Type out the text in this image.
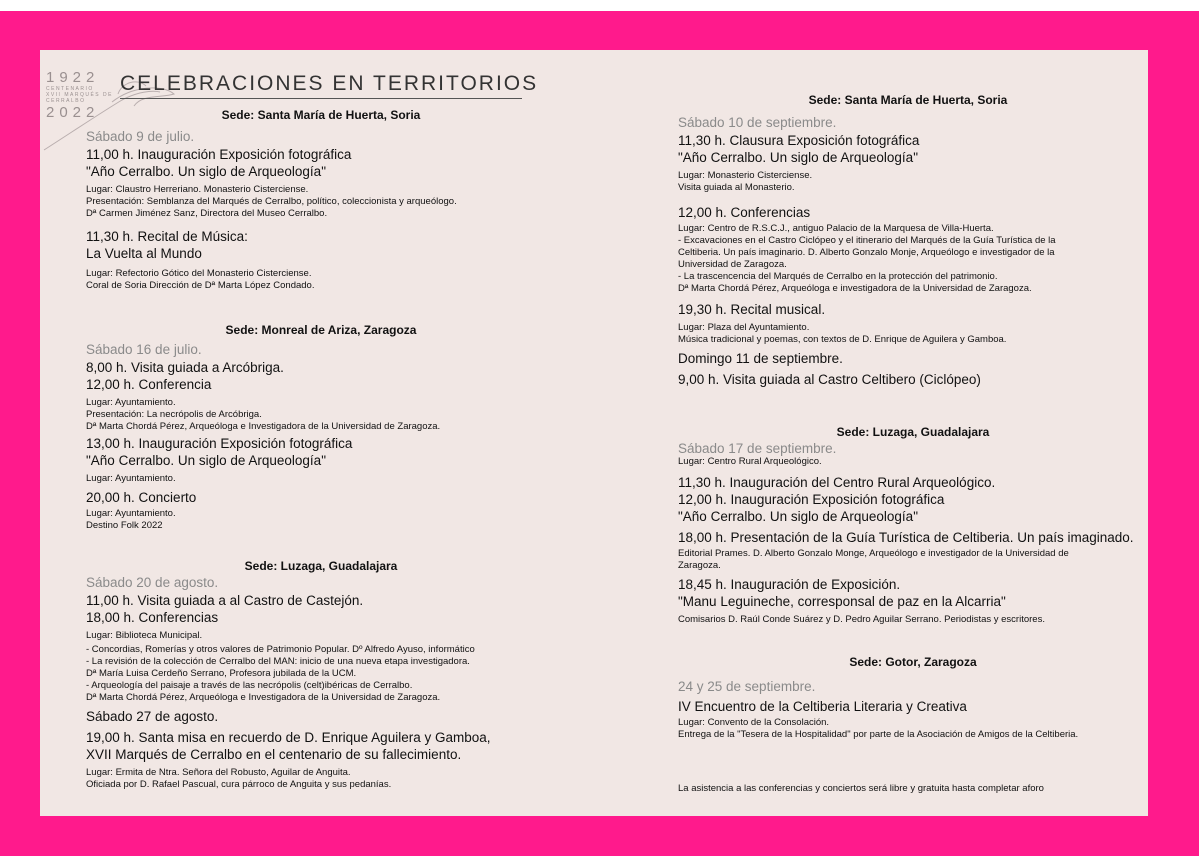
1922
CENTENARIO
XVII MARQUÉS DE
CERRALBO
2022
CELEBRACIONES EN TERRITORIOS
Sede: Santa María de Huerta, Soria
Sábado 9 de julio.
11,00 h. Inauguración Exposición fotográfica
"Año Cerralbo. Un siglo de Arqueología"
Lugar: Claustro Herreriano. Monasterio Cisterciense.
Presentación: Semblanza del Marqués de Cerralbo, político, coleccionista y arqueólogo.
Dª Carmen Jiménez Sanz, Directora del Museo Cerralbo.
11,30 h. Recital de Música:
La Vuelta al Mundo
Lugar: Refectorio Gótico del Monasterio Cisterciense.
Coral de Soria Dirección de Dª Marta López Condado.
Sede: Monreal de Ariza, Zaragoza
Sábado 16 de julio.
8,00 h. Visita guiada a Arcóbriga.
12,00 h. Conferencia
Lugar: Ayuntamiento.
Presentación: La necrópolis de Arcóbriga.
Dª Marta Chordá Pérez, Arqueóloga e Investigadora de la Universidad de Zaragoza.
13,00 h. Inauguración Exposición fotográfica
"Año Cerralbo. Un siglo de Arqueología"
Lugar: Ayuntamiento.
20,00 h. Concierto
Lugar: Ayuntamiento.
Destino Folk 2022
Sede: Luzaga, Guadalajara
Sábado 20 de agosto.
11,00 h. Visita guiada a al Castro de Castejón.
18,00 h. Conferencias
Lugar: Biblioteca Municipal.
- Concordias, Romerías y otros valores de Patrimonio Popular. Dº Alfredo Ayuso, informático
- La revisión de la colección de Cerralbo del MAN: inicio de una nueva etapa investigadora.
Dª María Luisa Cerdeño Serrano, Profesora jubilada de la UCM.
- Arqueología del paisaje a través de las necrópolis (celt)ibéricas de Cerralbo.
Dª Marta Chordá Pérez, Arqueóloga e Investigadora de la Universidad de Zaragoza.
Sábado 27 de agosto.
19,00 h. Santa misa en recuerdo de D. Enrique Aguilera y Gamboa,
XVII Marqués de Cerralbo en el centenario de su fallecimiento.
Lugar: Ermita de Ntra. Señora del Robusto, Aguilar de Anguita.
Oficiada por D. Rafael Pascual, cura párroco de Anguita y sus pedanías.
Sede: Santa María de Huerta, Soria
Sábado 10 de septiembre.
11,30 h. Clausura Exposición fotográfica
"Año Cerralbo. Un siglo de Arqueología"
Lugar: Monasterio Cisterciense.
Visita guiada al Monasterio.
12,00 h. Conferencias
Lugar: Centro de R.S.C.J., antiguo Palacio de la Marquesa de Villa-Huerta.
- Excavaciones en el Castro Ciclópeo y el itinerario del Marqués de la Guía Turística de la
Celtiberia. Un país imaginario. D. Alberto Gonzalo Monje, Arqueólogo e investigador de la
Universidad de Zaragoza.
- La trascencencia del Marqués de Cerralbo en la protección del patrimonio.
Dª Marta Chordá Pérez, Arqueóloga e investigadora de la Universidad de Zaragoza.
19,30 h. Recital musical.
Lugar: Plaza del Ayuntamiento.
Música tradicional y poemas, con textos de D. Enrique de Aguilera y Gamboa.
Domingo 11 de septiembre.
9,00 h. Visita guiada al Castro Celtibero (Ciclópeo)
Sede: Luzaga, Guadalajara
Sábado 17 de septiembre.
Lugar: Centro Rural Arqueológico.
11,30 h. Inauguración del Centro Rural Arqueológico.
12,00 h. Inauguración Exposición fotográfica
"Año Cerralbo. Un siglo de Arqueología"
18,00 h. Presentación de la Guía Turística de Celtiberia. Un país imaginado.
Editorial Prames. D. Alberto Gonzalo Monge, Arqueólogo e investigador de la Universidad de
Zaragoza.
18,45 h. Inauguración de Exposición.
"Manu Leguineche, corresponsal de paz en la Alcarria"
Comisarios D. Raúl Conde Suárez y D. Pedro Aguilar Serrano. Periodistas y escritores.
Sede: Gotor, Zaragoza
24 y 25 de septiembre.
IV Encuentro de la Celtiberia Literaria y Creativa
Lugar: Convento de la Consolación.
Entrega de la "Tesera de la Hospitalidad" por parte de la Asociación de Amigos de la Celtiberia.
La asistencia a las conferencias y conciertos será libre y gratuita hasta completar aforo
